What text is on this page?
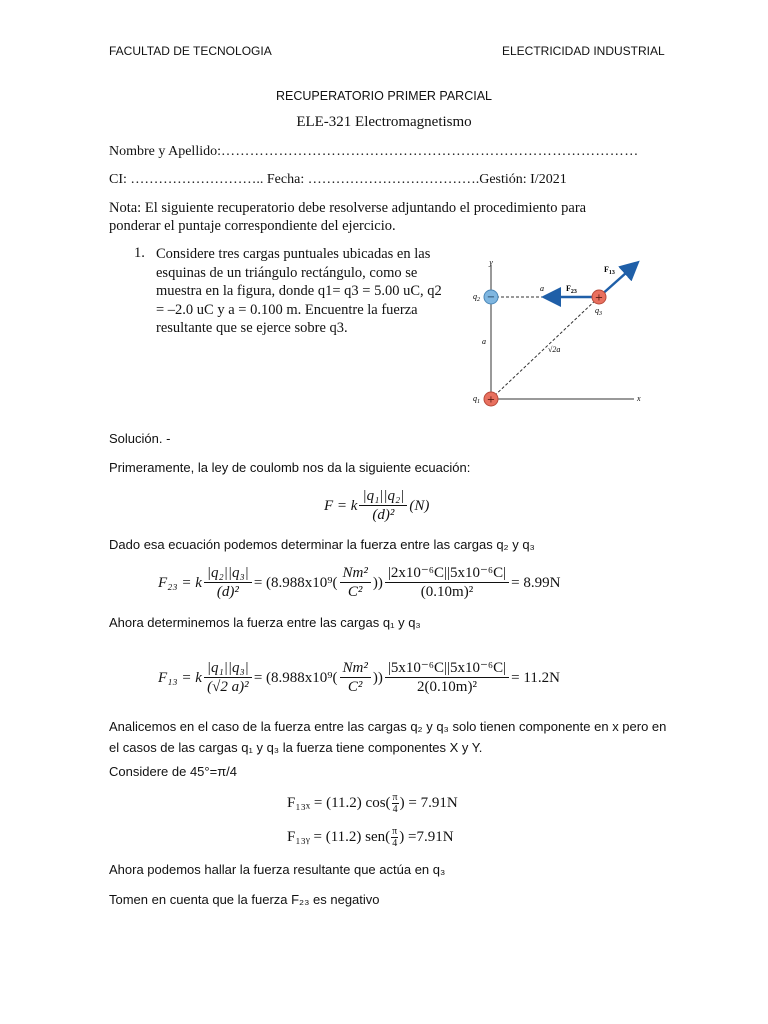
FACULTAD DE TECNOLOGIA	ELECTRICIDAD INDUSTRIAL
RECUPERATORIO PRIMER PARCIAL
ELE-321 Electromagnetismo
Nombre y Apellido:……………………………………………………………………………
CI: ……………………….. Fecha: ……………………………….Gestión: I/2021
Nota: El siguiente recuperatorio debe resolverse adjuntando el procedimiento para ponderar el puntaje correspondiente del ejercicio.
1. Considere tres cargas puntuales ubicadas en las esquinas de un triángulo rectángulo, como se muestra en la figura, donde q1= q3 = 5.00 uC, q2 = –2.0 uC y a = 0.100 m. Encuentre la fuerza resultante que se ejerce sobre q3.
y
x
−
+
+
$q_2$
$q_1$
$q_3$
a
a
√2a
$F_{23}$
$F_{13}$
Solución. -
Primeramente, la ley de coulomb nos da la siguiente ecuación:
F = k $\frac{\text{|q₁||q₂|}}{\text{(d)²}} (N)$
Dado esa ecuación podemos determinar la fuerza entre las cargas q₂ y q₃
F₂₃ = k $\frac{\text{|q₂||q₃|}}{\text{(d)²}} = (8.988x10^9( \frac{\text{Nm²}}{\text{C²}}$ )) $\frac{\text{|2x10⁻⁶C||5x10⁻⁶C|}}{\text{(0.10m)²}} = 8.99N$
Ahora determinemos la fuerza entre las cargas q₁ y q₃
F₁₃ = k $\frac{\text{|q₁||q₃|}}{\text{(√2 a)²}} = (8.988x10^9( \frac{\text{Nm²}}{\text{C²}}$ )) $\frac{\text{|5x10⁻⁶C||5x10⁻⁶C|}}{\text{2(0.10m)²}} = 11.2N$
Analicemos en el caso de la fuerza entre las cargas q₂ y q₃ solo tienen componente en x pero en el casos de las cargas q₁ y q₃ la fuerza tiene componentes X y Y.
Considere de 45°=π/4
F₁₃ₓ = (11.2) $\cos( \frac{\pi}{4}$ ) = 7.91N
F₁₃ᵧ = (11.2) $sen( \frac{\pi}{4}$ ) =7.91N
Ahora podemos hallar la fuerza resultante que actúa en q₃
Tomen en cuenta que la fuerza F₂₃ es negativo
